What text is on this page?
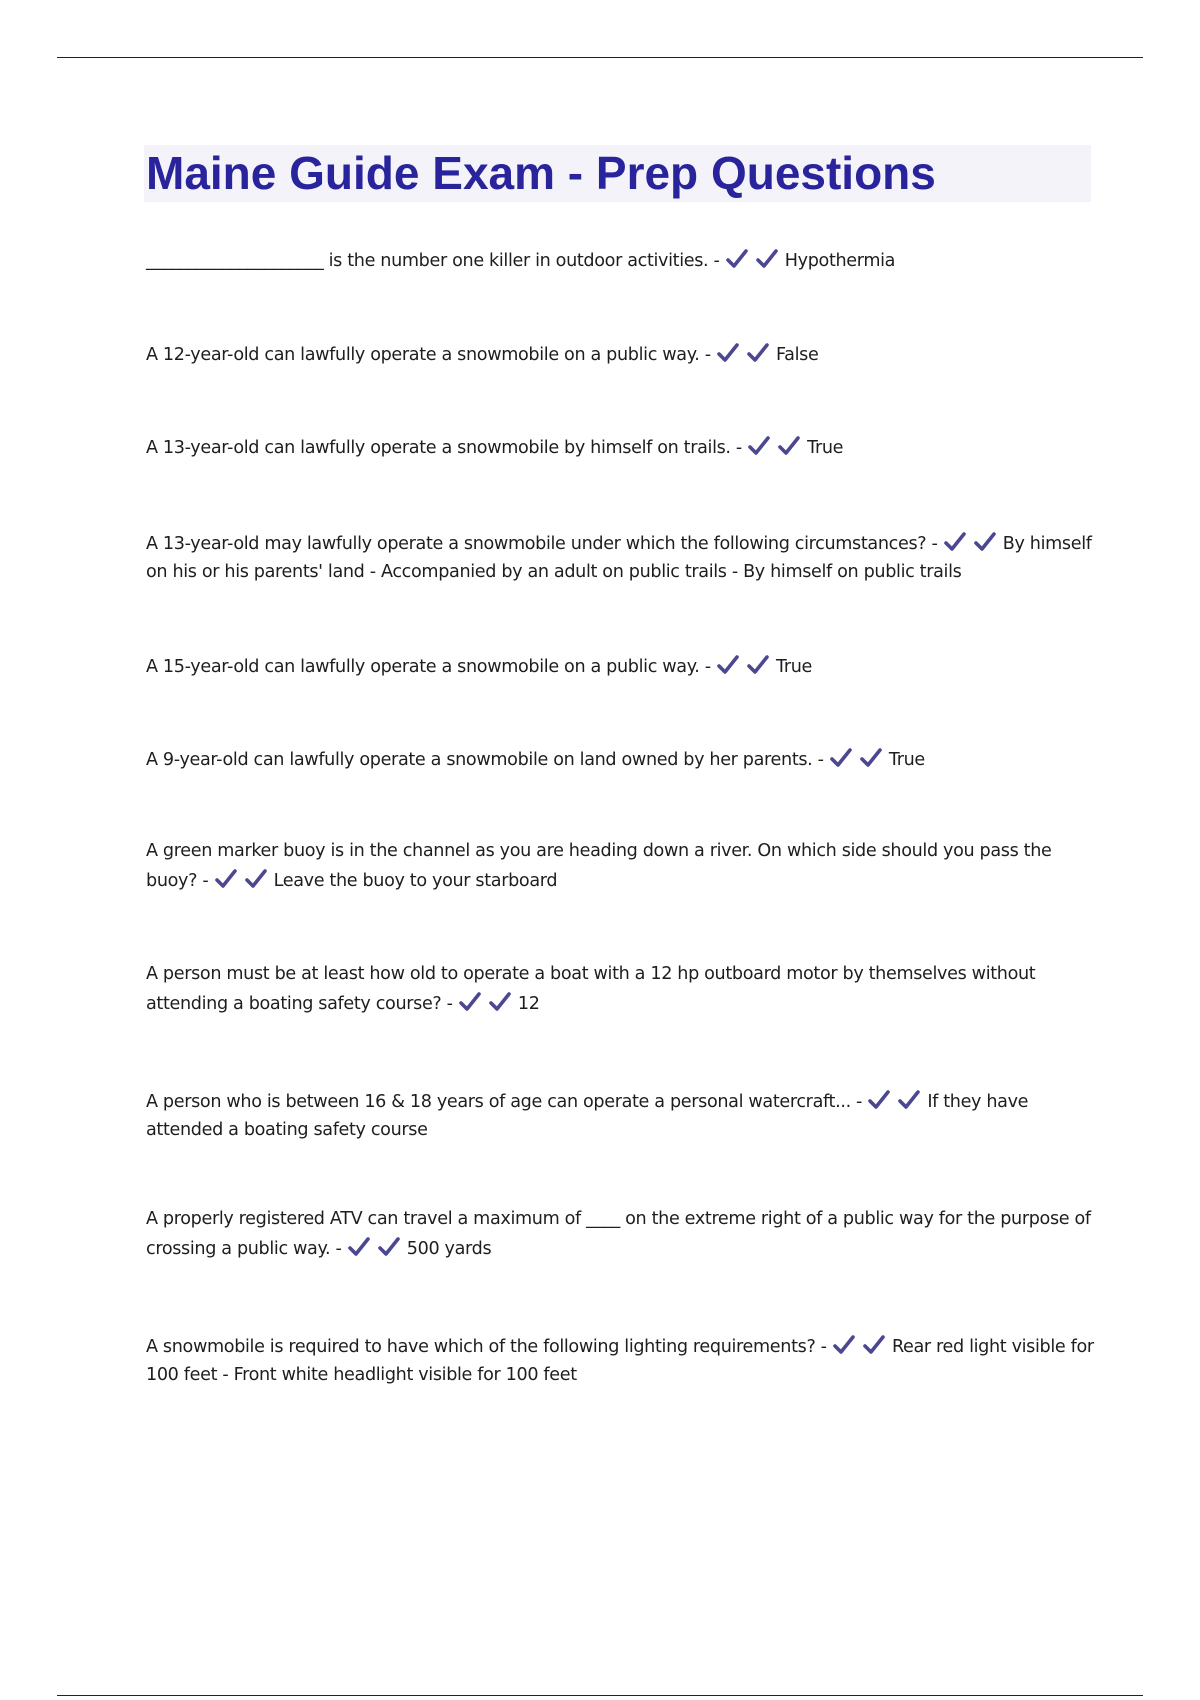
Maine Guide Exam - Prep Questions

_____________________ is the number one killer in outdoor activities. -	Hypothermia

A 12-year-old can lawfully operate a snowmobile on a public way. -	False

A 13-year-old can lawfully operate a snowmobile by himself on trails. -	True

A 13-year-old may lawfully operate a snowmobile under which the following circumstances? -	By himself on his or his parents' land - Accompanied by an adult on public trails - By himself on public trails

A 15-year-old can lawfully operate a snowmobile on a public way. -	True

A 9-year-old can lawfully operate a snowmobile on land owned by her parents. -	True

A green marker buoy is in the channel as you are heading down a river. On which side should you pass the buoy? -	Leave the buoy to your starboard

A person must be at least how old to operate a boat with a 12 hp outboard motor by themselves without attending a boating safety course? -	12

A person who is between 16 & 18 years of age can operate a personal watercraft... -	If they have attended a boating safety course

A properly registered ATV can travel a maximum of ____ on the extreme right of a public way for the purpose of crossing a public way. -	500 yards

A snowmobile is required to have which of the following lighting requirements? -	Rear red light visible for 100 feet - Front white headlight visible for 100 feet
